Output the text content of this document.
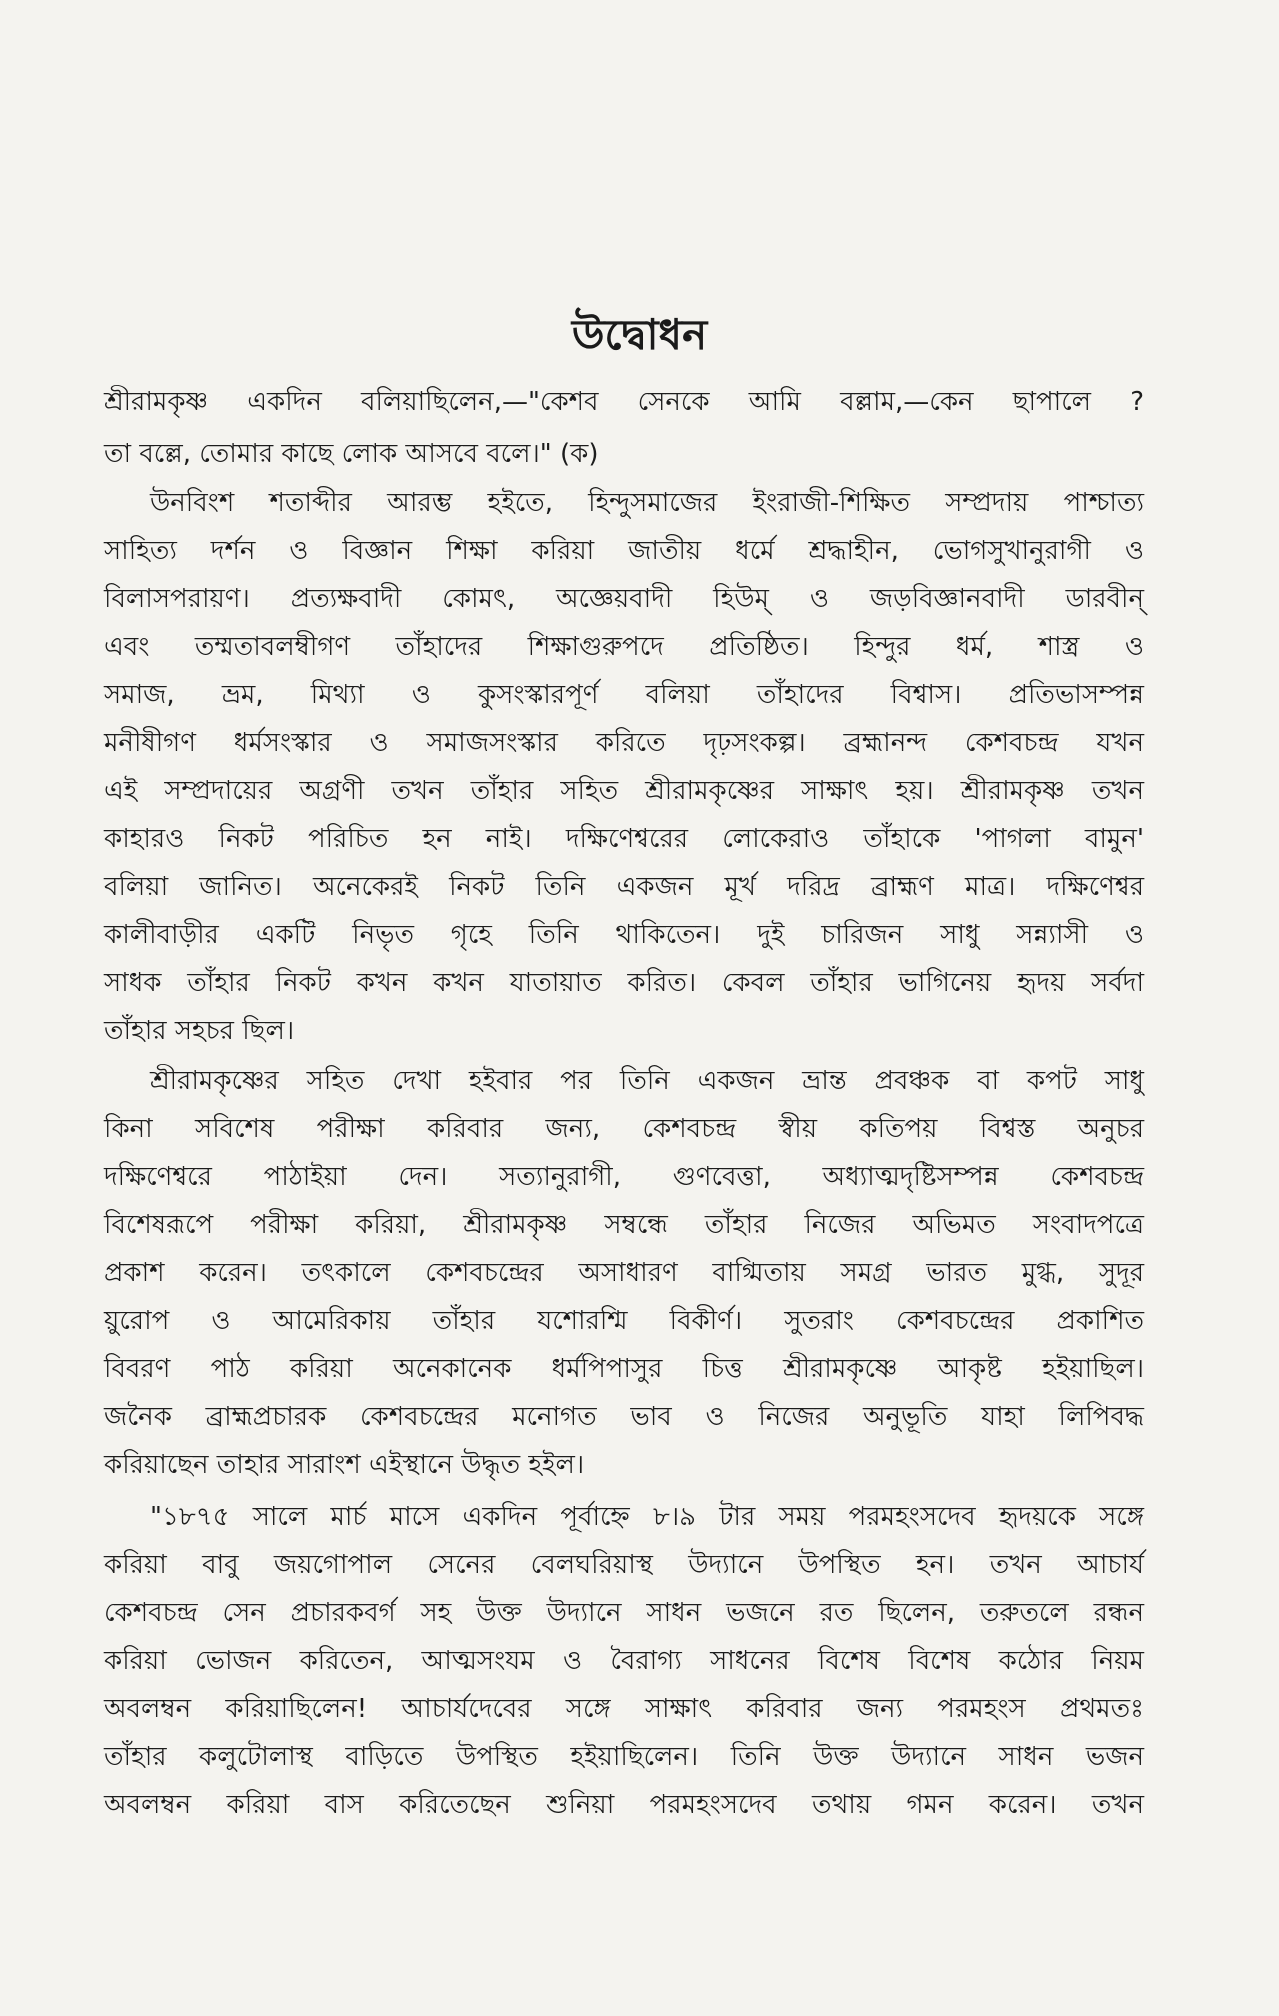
উদ্বোধন
শ্রীরামকৃষ্ণ একদিন বলিয়াছিলেন,—"কেশব সেনকে আমি বল্লাম,—কেন ছাপালে ?
তা বল্লে, তোমার কাছে লোক আসবে বলে।" (ক)
উনবিংশ শতাব্দীর আরম্ভ হইতে, হিন্দুসমাজের ইংরাজী-শিক্ষিত সম্প্রদায় পাশ্চাত্য
সাহিত্য দর্শন ও বিজ্ঞান শিক্ষা করিয়া জাতীয় ধর্মে শ্রদ্ধাহীন, ভোগসুখানুরাগী ও
বিলাসপরায়ণ। প্রত্যক্ষবাদী কোমৎ, অজ্ঞেয়বাদী হিউম্ ও জড়বিজ্ঞানবাদী ডারবীন্
এবং তম্মতাবলম্বীগণ তাঁহাদের শিক্ষাগুরুপদে প্রতিষ্ঠিত। হিন্দুর ধর্ম, শাস্ত্র ও
সমাজ, ভ্রম, মিথ্যা ও কুসংস্কারপূর্ণ বলিয়া তাঁহাদের বিশ্বাস। প্রতিভাসম্পন্ন
মনীষীগণ ধর্মসংস্কার ও সমাজসংস্কার করিতে দৃঢ়সংকল্প। ব্রহ্মানন্দ কেশবচন্দ্র যখন
এই সম্প্রদায়ের অগ্রণী তখন তাঁহার সহিত শ্রীরামকৃষ্ণের সাক্ষাৎ হয়। শ্রীরামকৃষ্ণ তখন
কাহারও নিকট পরিচিত হন নাই। দক্ষিণেশ্বরের লোকেরাও তাঁহাকে 'পাগলা বামুন'
বলিয়া জানিত। অনেকেরই নিকট তিনি একজন মূর্খ দরিদ্র ব্রাহ্মণ মাত্র। দক্ষিণেশ্বর
কালীবাড়ীর একটি নিভৃত গৃহে তিনি থাকিতেন। দুই চারিজন সাধু সন্ন্যাসী ও
সাধক তাঁহার নিকট কখন কখন যাতায়াত করিত। কেবল তাঁহার ভাগিনেয় হৃদয় সর্বদা
তাঁহার সহচর ছিল।
শ্রীরামকৃষ্ণের সহিত দেখা হইবার পর তিনি একজন ভ্রান্ত প্রবঞ্চক বা কপট সাধু
কিনা সবিশেষ পরীক্ষা করিবার জন্য, কেশবচন্দ্র স্বীয় কতিপয় বিশ্বস্ত অনুচর
দক্ষিণেশ্বরে পাঠাইয়া দেন। সত্যানুরাগী, গুণবেত্তা, অধ্যাত্মদৃষ্টিসম্পন্ন কেশবচন্দ্র
বিশেষরূপে পরীক্ষা করিয়া, শ্রীরামকৃষ্ণ সম্বন্ধে তাঁহার নিজের অভিমত সংবাদপত্রে
প্রকাশ করেন। তৎকালে কেশবচন্দ্রের অসাধারণ বাগ্মিতায় সমগ্র ভারত মুগ্ধ, সুদূর
য়ুরোপ ও আমেরিকায় তাঁহার যশোরশ্মি বিকীর্ণ। সুতরাং কেশবচন্দ্রের প্রকাশিত
বিবরণ পাঠ করিয়া অনেকানেক ধর্মপিপাসুর চিত্ত শ্রীরামকৃষ্ণে আকৃষ্ট হইয়াছিল।
জনৈক ব্রাহ্মপ্রচারক কেশবচন্দ্রের মনোগত ভাব ও নিজের অনুভূতি যাহা লিপিবদ্ধ
করিয়াছেন তাহার সারাংশ এইস্থানে উদ্ধৃত হইল।
"১৮৭৫ সালে মার্চ মাসে একদিন পূর্বাহ্নে ৮।৯ টার সময় পরমহংসদেব হৃদয়কে সঙ্গে
করিয়া বাবু জয়গোপাল সেনের বেলঘরিয়াস্থ উদ্যানে উপস্থিত হন। তখন আচার্য
কেশবচন্দ্র সেন প্রচারকবর্গ সহ উক্ত উদ্যানে সাধন ভজনে রত ছিলেন, তরুতলে রন্ধন
করিয়া ভোজন করিতেন, আত্মসংযম ও বৈরাগ্য সাধনের বিশেষ বিশেষ কঠোর নিয়ম
অবলম্বন করিয়াছিলেন! আচার্যদেবের সঙ্গে সাক্ষাৎ করিবার জন্য পরমহংস প্রথমতঃ
তাঁহার কলুটোলাস্থ বাড়িতে উপস্থিত হইয়াছিলেন। তিনি উক্ত উদ্যানে সাধন ভজন
অবলম্বন করিয়া বাস করিতেছেন শুনিয়া পরমহংসদেব তথায় গমন করেন। তখন
